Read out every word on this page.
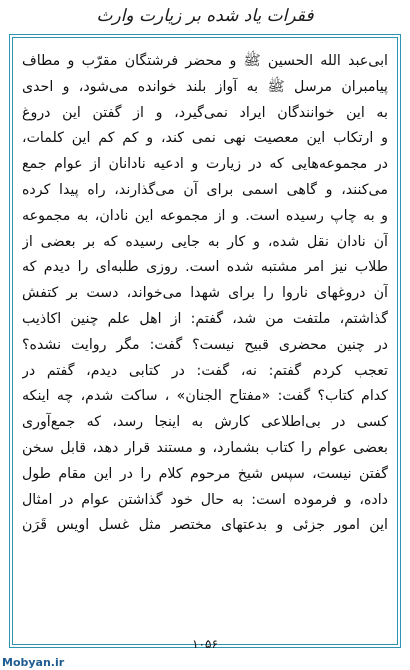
فقرات یاد شده بر زیارت وارث
ابی‌عبد الله الحسین ﷺ و محضر فرشتگان مقرّب و مطاف
پیامبران مرسل ﷺ به آواز بلند خوانده می‌شود، و احدی
به این خوانندگان ایراد نمی‌گیرد، و از گفتن این دروغ
و ارتکاب این معصیت نهی نمی کند، و کم کم این کلمات،
در مجموعه‌هایی که در زیارت و ادعیه نادانان از عوام جمع
می‌کنند، و گاهی اسمی برای آن می‌گذارند، راه پیدا کرده
و به چاپ رسیده است. و از مجموعه این نادان، به مجموعه
آن نادان نقل شده، و کار به جایی رسیده که بر بعضی از
طلاب نیز امر مشتبه شده است. روزی طلبه‌ای را دیدم که
آن دروغهای ناروا را برای شهدا می‌خواند، دست بر کتفش
گذاشتم، ملتفت من شد، گفتم: از اهل علم چنین اکاذیب
در چنین محضری قبیح نیست؟ گفت: مگر روایت نشده؟
تعجب کردم گفتم: نه، گفت: در کتابی دیدم، گفتم در
کدام کتاب؟ گفت: «مفتاح الجنان» ، ساکت شدم، چه اینکه
کسی در بی‌اطلاعی کارش به اینجا رسد، که جمع‌آوری
بعضی عوام را کتاب بشمارد، و مستند قرار دهد، قابل سخن
گفتن نیست، سپس شیخ مرحوم کلام را در این مقام طول
داده، و فرموده است: به حال خود گذاشتن عوام در امثال
این امور جزئی و بدعتهای مختصر مثل غسل اویس قَرَن
۱۰۵۶
Mobyan.ir
